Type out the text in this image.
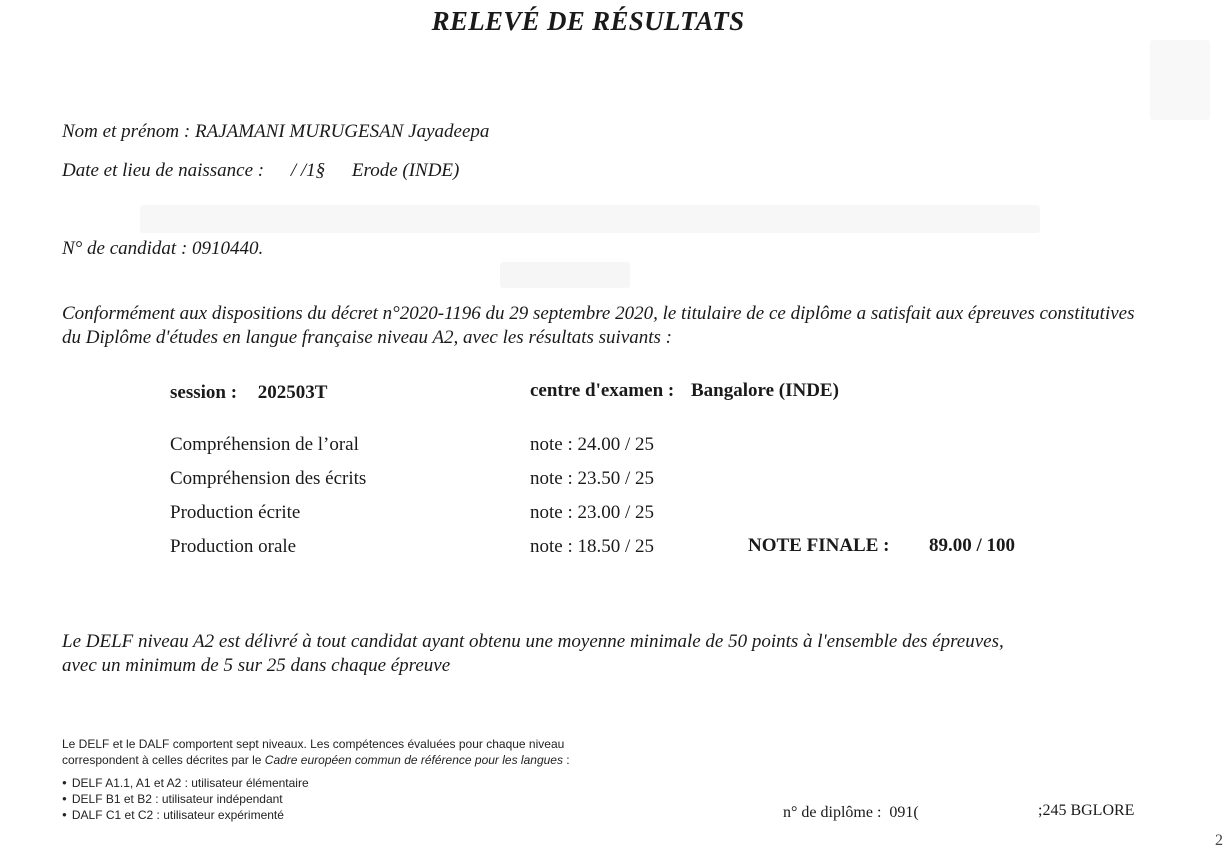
RELEVÉ DE RÉSULTATS
Nom et prénom : RAJAMANI MURUGESAN Jayadeepa
Date et lieu de naissance : / /1§ Erode (INDE)
N° de candidat : 0910440.
Conformément aux dispositions du décret n°2020-1196 du 29 septembre 2020, le titulaire de ce diplôme a satisfait aux épreuves constitutives
du Diplôme d'études en langue française niveau A2, avec les résultats suivants :
session : 202503T	centre d'examen : Bangalore (INDE)
Compréhension de l’oral	note : 24.00 / 25
Compréhension des écrits	note : 23.50 / 25
Production écrite	note : 23.00 / 25
Production orale	note : 18.50 / 25	NOTE FINALE : 89.00 / 100
Le DELF niveau A2 est délivré à tout candidat ayant obtenu une moyenne minimale de 50 points à l'ensemble des épreuves,
avec un minimum de 5 sur 25 dans chaque épreuve
Le DELF et le DALF comportent sept niveaux. Les compétences évaluées pour chaque niveau
correspondent à celles décrites par le Cadre européen commun de référence pour les langues :
● DELF A1.1, A1 et A2 : utilisateur élémentaire
● DELF B1 et B2 : utilisateur indépendant
● DALF C1 et C2 : utilisateur expérimenté	n° de diplôme : 091(	;245 BGLORE
2
